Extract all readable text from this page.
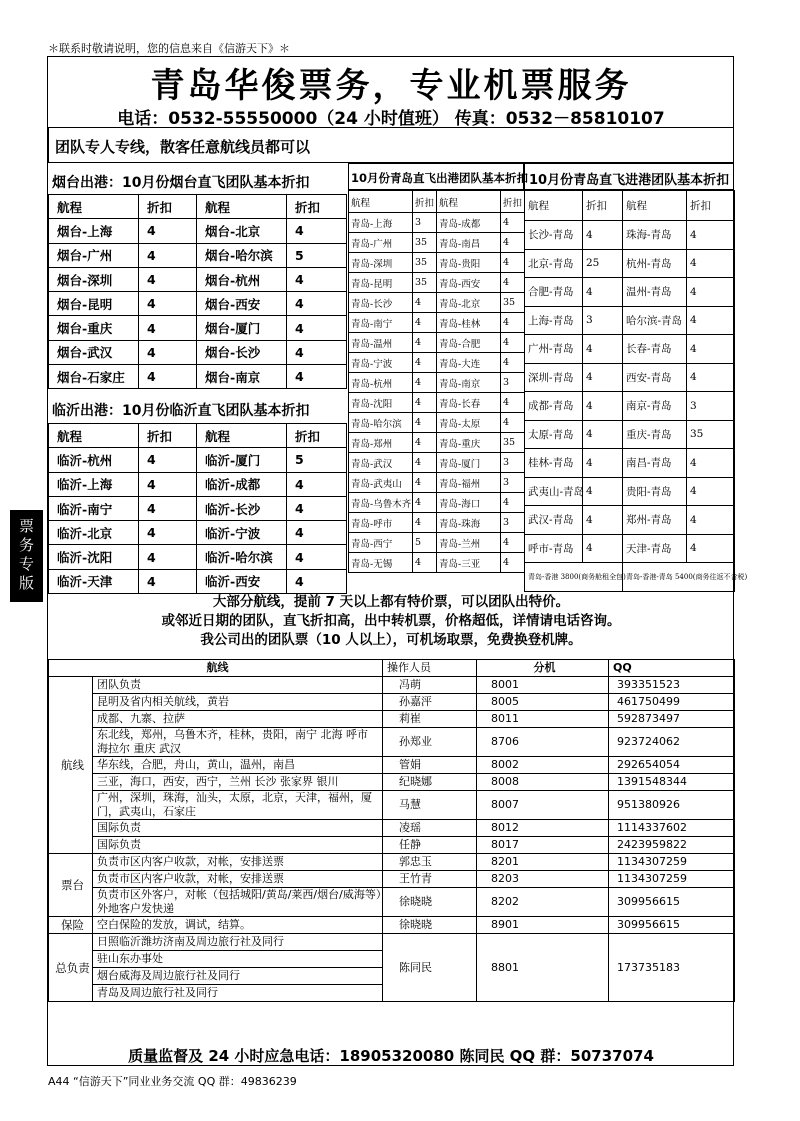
＊联系时敬请说明，您的信息来自《信游天下》＊
青岛华俊票务，专业机票服务
电话：0532-55550000（24 小时值班） 传真：0532－85810107
团队专人专线，散客任意航线员都可以
票
务
专
版
烟台出港：10月份烟台直飞团队基本折扣
航程	折扣	航程	折扣
烟台-上海	4	烟台-北京	4
烟台-广州	4	烟台-哈尔滨	5
烟台-深圳	4	烟台-杭州	4
烟台-昆明	4	烟台-西安	4
烟台-重庆	4	烟台-厦门	4
烟台-武汉	4	烟台-长沙	4
烟台-石家庄	4	烟台-南京	4
临沂出港：10月份临沂直飞团队基本折扣
航程	折扣	航程	折扣
临沂-杭州	4	临沂-厦门	5
临沂-上海	4	临沂-成都	4
临沂-南宁	4	临沂-长沙	4
临沂-北京	4	临沂-宁波	4
临沂-沈阳	4	临沂-哈尔滨	4
临沂-天津	4	临沂-西安	4
10月份青岛直飞出港团队基本折扣
航程	折扣	航程	折扣
青岛-上海	3	青岛-成都	4
青岛-广州	35	青岛-南昌	4
青岛-深圳	35	青岛-贵阳	4
青岛-昆明	35	青岛-西安	4
青岛-长沙	4	青岛-北京	35
青岛-南宁	4	青岛-桂林	4
青岛-温州	4	青岛-合肥	4
青岛-宁波	4	青岛-大连	4
青岛-杭州	4	青岛-南京	3
青岛-沈阳	4	青岛-长春	4
青岛-哈尔滨	4	青岛-太原	4
青岛-郑州	4	青岛-重庆	35
青岛-武汉	4	青岛-厦门	3
青岛-武夷山	4	青岛-福州	3
青岛-乌鲁木齐	4	青岛-海口	4
青岛-呼市	4	青岛-珠海	3
青岛-西宁	5	青岛-兰州	4
青岛-无锡	4	青岛-三亚	4
10月份青岛直飞进港团队基本折扣
航程	折扣	航程	折扣
长沙-青岛	4	珠海-青岛	4
北京-青岛	25	杭州-青岛	4
合肥-青岛	4	温州-青岛	4
上海-青岛	3	哈尔滨-青岛	4
广州-青岛	4	长春-青岛	4
深圳-青岛	4	西安-青岛	4
成都-青岛	4	南京-青岛	3
太原-青岛	4	重庆-青岛	35
桂林-青岛	4	南昌-青岛	4
武夷山-青岛	4	贵阳-青岛	4
武汉-青岛	4	郑州-青岛	4
呼市-青岛	4	天津-青岛	4
青岛-香港 3800(商务舱租全包)		青岛-香港-青岛 5400(商务往返不含税)	
大部分航线，提前 7 天以上都有特价票，可以团队出特价。
或邻近日期的团队，直飞折扣高，出中转机票，价格超低，详情请电话咨询。
我公司出的团队票（10 人以上），可机场取票，免费换登机牌。
航线		操作人员	分机	QQ
航线	团队负责	冯萌	8001	393351523
	昆明及省内相关航线，黄岩	孙嘉泙	8005	461750499
	成都、九寨、拉萨	莉崔	8011	592873497
	东北线，郑州，乌鲁木齐，桂林，贵阳，南宁 北海 呼市 海拉尔 重庆 武汉	孙郑业	8706	923724062
	华东线，合肥，舟山，黄山，温州，南昌	管娟	8002	292654054
	三亚，海口，西安，西宁，兰州 长沙 张家界 银川	纪晓娜	8008	1391548344
	广州，深圳，珠海，汕头，太原，北京，天津，福州，厦门，武夷山，石家庄	马慧	8007	951380926
	国际负责	凌瑶	8012	1114337602
	国际负责	任静	8017	2423959822
票台	负责市区内客户收款，对帐，安排送票	郭忠玉	8201	1134307259
	负责市区内客户收款，对帐，安排送票	王竹青	8203	1134307259
	负责市区外客户，对帐（包括城阳/黄岛/莱西/烟台/威海等）外地客户发快递	徐晓晓	8202	309956615
保险	空白保险的发放，调试，结算。	徐晓晓	8901	309956615
总负责	日照临沂潍坊济南及周边旅行社及同行	陈同民	8801	173735183
	驻山东办事处			
	烟台威海及周边旅行社及同行			
	青岛及周边旅行社及同行			
质量监督及 24 小时应急电话：18905320080 陈同民 QQ 群：50737074
A44 “信游天下”同业业务交流 QQ 群：49836239
